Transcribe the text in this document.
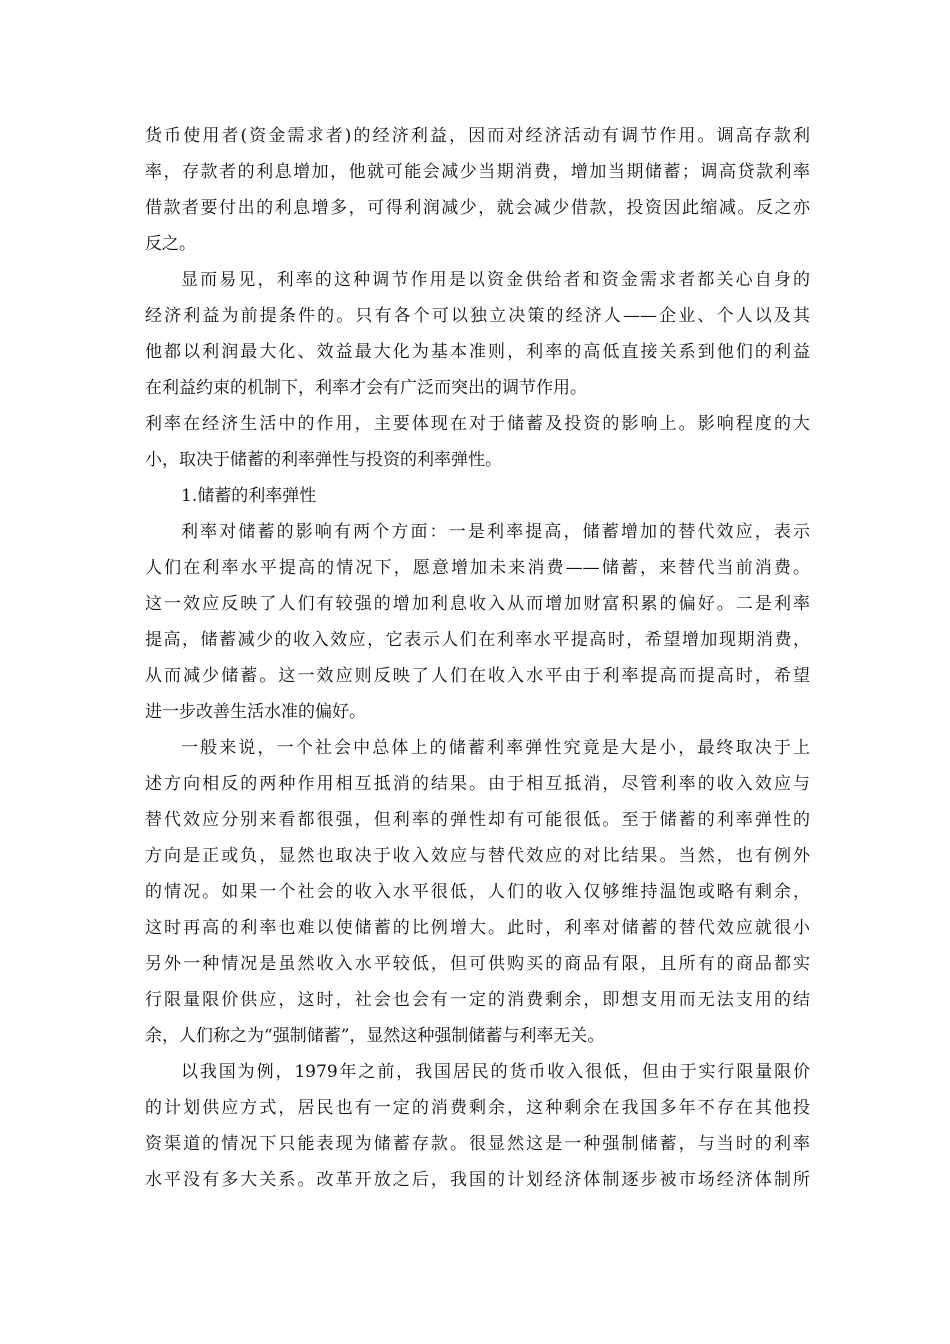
货币使用者(资金需求者)的经济利益，因而对经济活动有调节作用。调高存款利
率，存款者的利息增加，他就可能会减少当期消费，增加当期储蓄；调高贷款利率
借款者要付出的利息增多，可得利润减少，就会减少借款，投资因此缩减。反之亦
反之。
显而易见，利率的这种调节作用是以资金供给者和资金需求者都关心自身的
经济利益为前提条件的。只有各个可以独立决策的经济人——企业、个人以及其
他都以利润最大化、效益最大化为基本准则，利率的高低直接关系到他们的利益
在利益约束的机制下，利率才会有广泛而突出的调节作用。
利率在经济生活中的作用，主要体现在对于储蓄及投资的影响上。影响程度的大
小，取决于储蓄的利率弹性与投资的利率弹性。
1.储蓄的利率弹性
利率对储蓄的影响有两个方面：一是利率提高，储蓄增加的替代效应，表示
人们在利率水平提高的情况下，愿意增加未来消费——储蓄，来替代当前消费。
这一效应反映了人们有较强的增加利息收入从而增加财富积累的偏好。二是利率
提高，储蓄减少的收入效应，它表示人们在利率水平提高时，希望增加现期消费，
从而减少储蓄。这一效应则反映了人们在收入水平由于利率提高而提高时，希望
进一步改善生活水准的偏好。
一般来说，一个社会中总体上的储蓄利率弹性究竟是大是小，最终取决于上
述方向相反的两种作用相互抵消的结果。由于相互抵消，尽管利率的收入效应与
替代效应分别来看都很强，但利率的弹性却有可能很低。至于储蓄的利率弹性的
方向是正或负，显然也取决于收入效应与替代效应的对比结果。当然，也有例外
的情况。如果一个社会的收入水平很低，人们的收入仅够维持温饱或略有剩余，
这时再高的利率也难以使储蓄的比例增大。此时，利率对储蓄的替代效应就很小
另外一种情况是虽然收入水平较低，但可供购买的商品有限，且所有的商品都实
行限量限价供应，这时，社会也会有一定的消费剩余，即想支用而无法支用的结
余，人们称之为“强制储蓄”，显然这种强制储蓄与利率无关。
以我国为例，1979年之前，我国居民的货币收入很低，但由于实行限量限价
的计划供应方式，居民也有一定的消费剩余，这种剩余在我国多年不存在其他投
资渠道的情况下只能表现为储蓄存款。很显然这是一种强制储蓄，与当时的利率
水平没有多大关系。改革开放之后，我国的计划经济体制逐步被市场经济体制所
